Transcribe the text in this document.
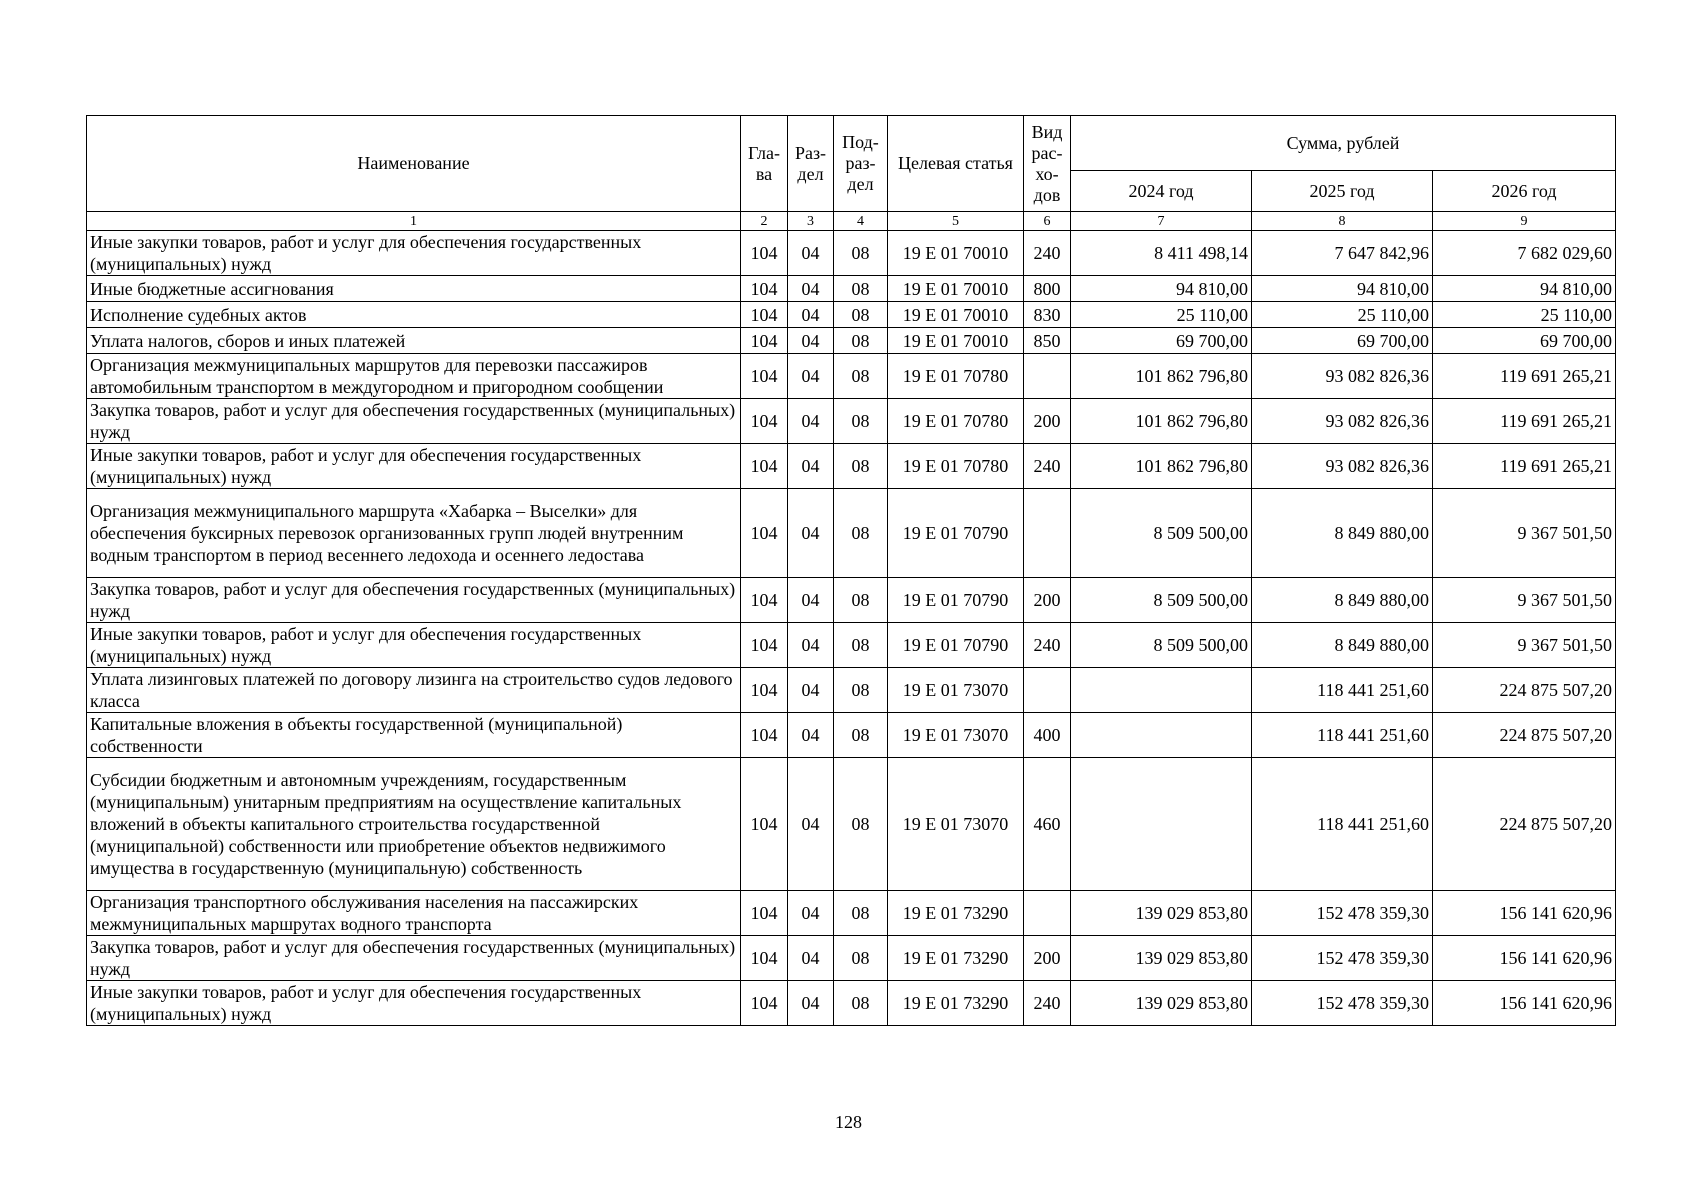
Наименование	Гла-ва	Раз-дел	Под-раз-дел	Целевая статья	Вид рас-хо-дов	Сумма, рублей		
						2024 год	2025 год	2026 год
1	2	3	4	5	6	7	8	9
Иные закупки товаров, работ и услуг для обеспечения государственных (муниципальных) нужд	104	04	08	19 Е 01 70010	240	8 411 498,14	7 647 842,96	7 682 029,60
Иные бюджетные ассигнования	104	04	08	19 Е 01 70010	800	94 810,00	94 810,00	94 810,00
Исполнение судебных актов	104	04	08	19 Е 01 70010	830	25 110,00	25 110,00	25 110,00
Уплата налогов, сборов и иных платежей	104	04	08	19 Е 01 70010	850	69 700,00	69 700,00	69 700,00
Организация межмуниципальных маршрутов для перевозки пассажиров автомобильным транспортом в междугородном и пригородном сообщении	104	04	08	19 Е 01 70780		101 862 796,80	93 082 826,36	119 691 265,21
Закупка товаров, работ и услуг для обеспечения государственных (муниципальных) нужд	104	04	08	19 Е 01 70780	200	101 862 796,80	93 082 826,36	119 691 265,21
Иные закупки товаров, работ и услуг для обеспечения государственных (муниципальных) нужд	104	04	08	19 Е 01 70780	240	101 862 796,80	93 082 826,36	119 691 265,21
Организация межмуниципального маршрута «Хабарка – Выселки» для обеспечения буксирных перевозок организованных групп людей внутренним водным транспортом в период весеннего ледохода и осеннего ледостава	104	04	08	19 Е 01 70790		8 509 500,00	8 849 880,00	9 367 501,50
Закупка товаров, работ и услуг для обеспечения государственных (муниципальных) нужд	104	04	08	19 Е 01 70790	200	8 509 500,00	8 849 880,00	9 367 501,50
Иные закупки товаров, работ и услуг для обеспечения государственных (муниципальных) нужд	104	04	08	19 Е 01 70790	240	8 509 500,00	8 849 880,00	9 367 501,50
Уплата лизинговых платежей по договору лизинга на строительство судов ледового класса	104	04	08	19 Е 01 73070			118 441 251,60	224 875 507,20
Капитальные вложения в объекты государственной (муниципальной) собственности	104	04	08	19 Е 01 73070	400		118 441 251,60	224 875 507,20
Субсидии бюджетным и автономным учреждениям, государственным (муниципальным) унитарным предприятиям на осуществление капитальных вложений в объекты капитального строительства государственной (муниципальной) собственности или приобретение объектов недвижимого имущества в государственную (муниципальную) собственность	104	04	08	19 Е 01 73070	460		118 441 251,60	224 875 507,20
Организация транспортного обслуживания населения на пассажирских межмуниципальных маршрутах водного транспорта	104	04	08	19 Е 01 73290		139 029 853,80	152 478 359,30	156 141 620,96
Закупка товаров, работ и услуг для обеспечения государственных (муниципальных) нужд	104	04	08	19 Е 01 73290	200	139 029 853,80	152 478 359,30	156 141 620,96
Иные закупки товаров, работ и услуг для обеспечения государственных (муниципальных) нужд	104	04	08	19 Е 01 73290	240	139 029 853,80	152 478 359,30	156 141 620,96
128
